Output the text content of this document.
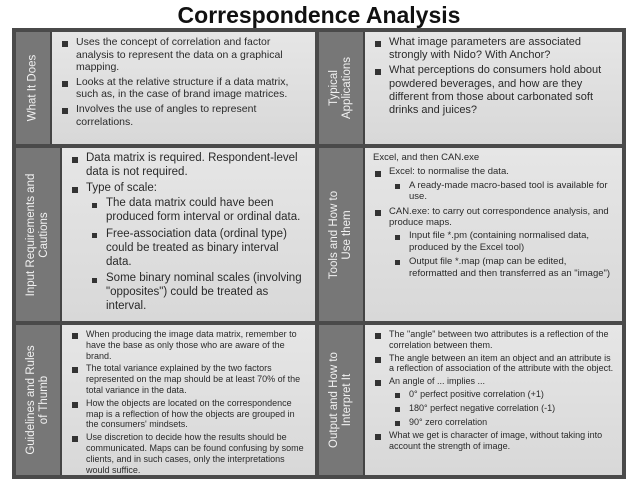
Correspondence Analysis
What It Does
Uses the concept of correlation and factor analysis to represent the data on a graphical mapping.
Looks at the relative structure if a data matrix, such as, in the case of brand image matrices.
Involves the use of angles to represent correlations.
Typical Applications
What image parameters are associated strongly with Nido? With Anchor?
What perceptions do consumers hold about powdered beverages, and how are they different from those about carbonated soft drinks and juices?
Input Requirements and Cautions
Data matrix is required. Respondent-level data is not required.
Type of scale:
The data matrix could have been produced form interval or ordinal data.
Free-association data (ordinal type) could be treated as binary interval data.
Some binary nominal scales (involving "opposites") could be treated as interval.
Tools and How to Use them
Excel, and then CAN.exe
Excel: to normalise the data.
A ready-made macro-based tool is available for use.
CAN.exe: to carry out correspondence analysis, and produce maps.
Input file *.pm (containing normalised data, produced by the Excel tool)
Output file *.map (map can be edited, reformatted and then transferred as an "image")
Guidelines and Rules of Thumb
When producing the image data matrix, remember to have the base as only those who are aware of the brand.
The total variance explained by the two factors represented on the map should be at least 70% of the total variance in the data.
How the objects are located on the correspondence map is a reflection of how the objects are grouped in the consumers' mindsets.
Use discretion to decide how the results should be communicated. Maps can be found confusing by some clients, and in such cases, only the interpretations would suffice.
Output and How to Interpret It
The "angle" between two attributes is a reflection of the correlation between them.
The angle between an item an object and an attribute is a reflection of association of the attribute with the object.
An angle of ... implies ...
0° perfect positive correlation (+1)
180° perfect negative correlation (-1)
90° zero correlation
What we get is character of image, without taking into account the strength of image.
